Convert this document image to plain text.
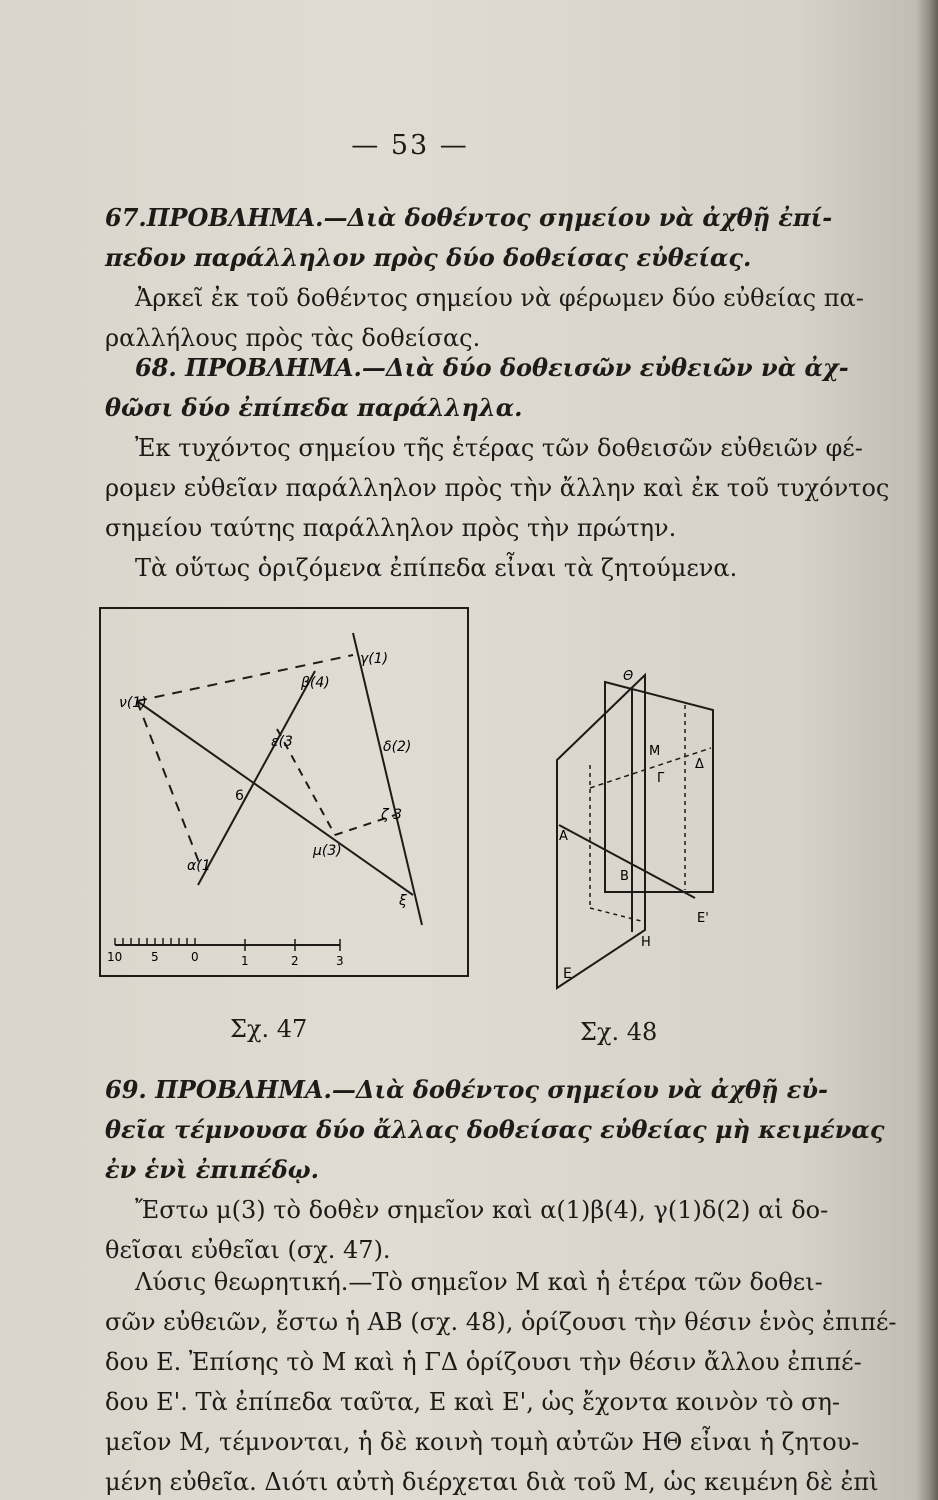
— 53 —
67.ΠΡΟΒΛΗΜΑ.—Διὰ δοθέντος σημείου νὰ ἀχθῇ ἐπί-
πεδον παράλληλον πρὸς δύο δοθείσας εὐθείας.
Ἀρκεῖ ἐκ τοῦ δοθέντος σημείου νὰ φέρωμεν δύο εὐθείας πα-
ραλλήλους πρὸς τὰς δοθείσας.
68. ΠΡΟΒΛΗΜΑ.—Διὰ δύο δοθεισῶν εὐθειῶν νὰ ἀχ-
θῶσι δύο ἐπίπεδα παράλληλα.
Ἐκ τυχόντος σημείου τῆς ἑτέρας τῶν δοθεισῶν εὐθειῶν φέ-
ρομεν εὐθεῖαν παράλληλον πρὸς τὴν ἄλλην καὶ ἐκ τοῦ τυχόντος
σημείου ταύτης παράλληλον πρὸς τὴν πρώτην.
Τὰ οὕτως ὁριζόμενα ἐπίπεδα εἶναι τὰ ζητούμενα.
γ(1)
β(4)
ν(1)
ε(3	δ(2)
6
ζ 3
μ(3)
α(1
ξ
10 5	0	1	2	3
Σχ. 47
Θ
Μ
Δ
Γ
Α
Β
Ε'
Η
Ε
Σχ. 48
69. ΠΡΟΒΛΗΜΑ.—Διὰ δοθέντος σημείου νὰ ἀχθῇ εὐ-
θεῖα τέμνουσα δύο ἄλλας δοθείσας εὐθείας μὴ κειμένας
ἐν ἑνὶ ἐπιπέδῳ.
Ἔστω μ(3) τὸ δοθὲν σημεῖον καὶ α(1)β(4), γ(1)δ(2) αἱ δο-
θεῖσαι εὐθεῖαι (σχ. 47).
Λύσις θεωρητική.—Τὸ σημεῖον Μ καὶ ἡ ἑτέρα τῶν δοθει-
σῶν εὐθειῶν, ἔστω ἡ ΑΒ (σχ. 48), ὁρίζουσι τὴν θέσιν ἑνὸς ἐπιπέ-
δου Ε. Ἐπίσης τὸ Μ καὶ ἡ ΓΔ ὁρίζουσι τὴν θέσιν ἄλλου ἐπιπέ-
δου Ε'. Τὰ ἐπίπεδα ταῦτα, Ε καὶ Ε', ὡς ἔχοντα κοινὸν τὸ ση-
μεῖον Μ, τέμνονται, ἡ δὲ κοινὴ τομὴ αὐτῶν ΗΘ εἶναι ἡ ζητου-
μένη εὐθεῖα. Διότι αὐτὴ διέρχεται διὰ τοῦ Μ, ὡς κειμένη δὲ ἐπὶ
